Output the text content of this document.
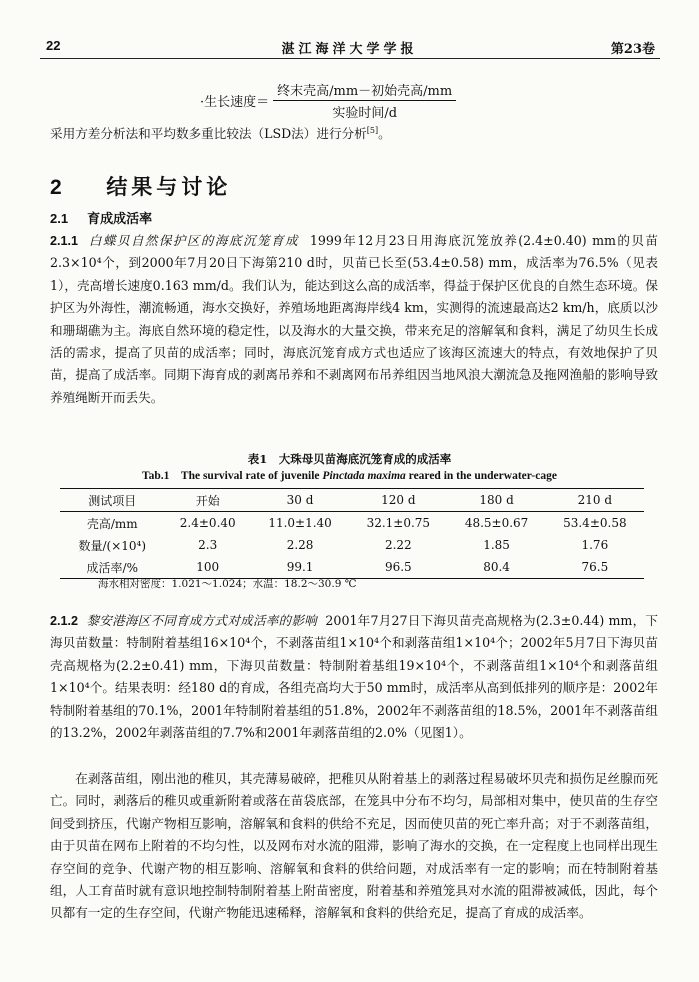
22	湛江海洋大学学报	第23卷
·生长速度＝ $\frac{\text{终末壳高/mm－初始壳高/mm}}{\text{实验时间/d}}$
采用方差分析法和平均数多重比较法（LSD法）进行分析[5]。
2 结果与讨论
2.1 育成成活率
2.1.1 白蝶贝自然保护区的海底沉笼育成 1999年12月23日用海底沉笼放养(2.4±0.40) mm的贝苗2.3×10⁴个，到2000年7月20日下海第210 d时，贝苗已长至(53.4±0.58) mm，成活率为76.5%（见表1），壳高增长速度0.163 mm/d。我们认为，能达到这么高的成活率，得益于保护区优良的自然生态环境。保护区为外海性，潮流畅通，海水交换好，养殖场地距离海岸线4 km，实测得的流速最高达2 km/h，底质以沙和珊瑚礁为主。海底自然环境的稳定性，以及海水的大量交换，带来充足的溶解氧和食料，满足了幼贝生长成活的需求，提高了贝苗的成活率；同时，海底沉笼育成方式也适应了该海区流速大的特点，有效地保护了贝苗，提高了成活率。同期下海育成的剥离吊养和不剥离网布吊养组因当地风浪大潮流急及拖网渔船的影响导致养殖绳断开而丢失。
表1　大珠母贝苗海底沉笼育成的成活率
Tab.1　The survival rate of juvenile Pinctada maxima reared in the underwater-cage
测试项目	开始	30 d	120 d	180 d	210 d
壳高/mm	2.4±0.40	11.0±1.40	32.1±0.75	48.5±0.67	53.4±0.58
数量/(×10⁴)	2.3	2.28	2.22	1.85	1.76
成活率/%	100	99.1	96.5	80.4	76.5
海水相对密度：1.021～1.024；水温：18.2～30.9 ℃
2.1.2 黎安港海区不同育成方式对成活率的影响 2001年7月27日下海贝苗壳高规格为(2.3±0.44) mm，下海贝苗数量：特制附着基组16×10⁴个，不剥落苗组1×10⁴个和剥落苗组1×10⁴个；2002年5月7日下海贝苗壳高规格为(2.2±0.41) mm，下海贝苗数量：特制附着基组19×10⁴个，不剥落苗组1×10⁴个和剥落苗组1×10⁴个。结果表明：经180 d的育成，各组壳高均大于50 mm时，成活率从高到低排列的顺序是：2002年特制附着基组的70.1%，2001年特制附着基组的51.8%，2002年不剥落苗组的18.5%，2001年不剥落苗组的13.2%，2002年剥落苗组的7.7%和2001年剥落苗组的2.0%（见图1）。
在剥落苗组，刚出池的稚贝，其壳薄易破碎，把稚贝从附着基上的剥落过程易破坏贝壳和损伤足丝腺而死亡。同时，剥落后的稚贝或重新附着或落在苗袋底部，在笼具中分布不均匀，局部相对集中，使贝苗的生存空间受到挤压，代谢产物相互影响，溶解氧和食料的供给不充足，因而使贝苗的死亡率升高；对于不剥落苗组，由于贝苗在网布上附着的不均匀性，以及网布对水流的阻滞，影响了海水的交换，在一定程度上也同样出现生存空间的竞争、代谢产物的相互影响、溶解氧和食料的供给问题，对成活率有一定的影响；而在特制附着基组，人工育苗时就有意识地控制特制附着基上附苗密度，附着基和养殖笼具对水流的阻滞被减低，因此，每个贝都有一定的生存空间，代谢产物能迅速稀释，溶解氧和食料的供给充足，提高了育成的成活率。
